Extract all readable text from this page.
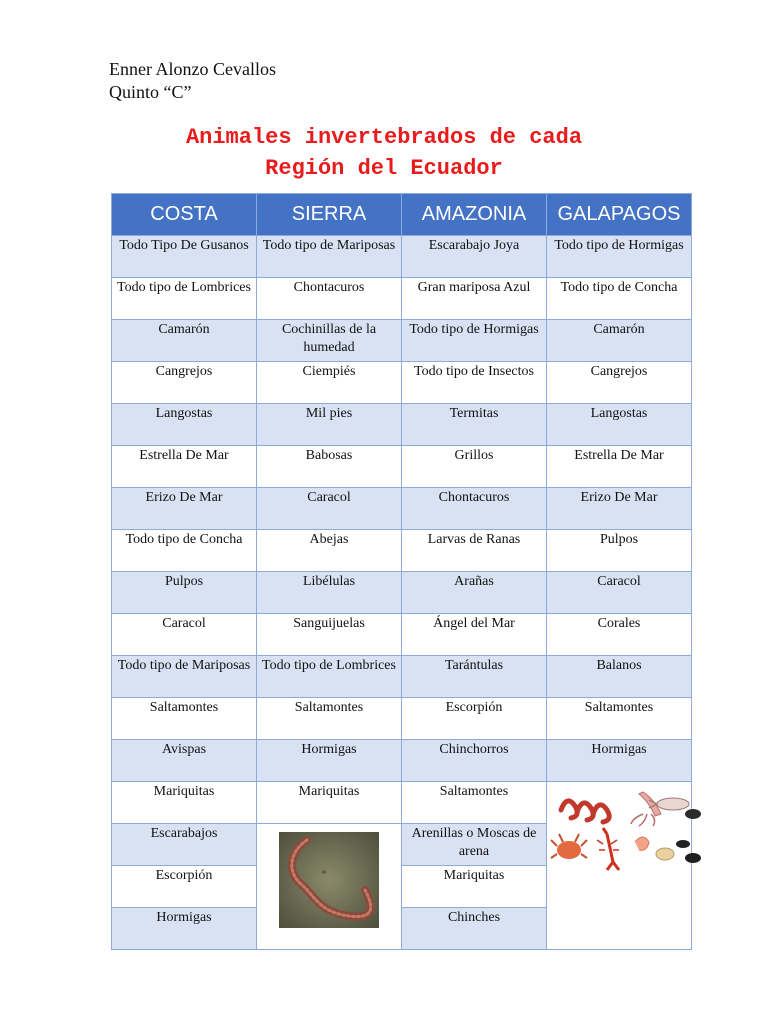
Enner Alonzo Cevallos
Quinto “C”
Animales invertebrados de cada
Región del Ecuador
COSTA	SIERRA	AMAZONIA	GALAPAGOS
Todo Tipo De Gusanos	Todo tipo de Mariposas	Escarabajo Joya	Todo tipo de Hormigas
Todo tipo de Lombrices	Chontacuros	Gran mariposa Azul	Todo tipo de Concha
Camarón	Cochinillas de la humedad	Todo tipo de Hormigas	Camarón
Cangrejos	Ciempiés	Todo tipo de Insectos	Cangrejos
Langostas	Mil pies	Termitas	Langostas
Estrella De Mar	Babosas	Grillos	Estrella De Mar
Erizo De Mar	Caracol	Chontacuros	Erizo De Mar
Todo tipo de Concha	Abejas	Larvas de Ranas	Pulpos
Pulpos	Libélulas	Arañas	Caracol
Caracol	Sanguijuelas	Ángel del Mar	Corales
Todo tipo de Mariposas	Todo tipo de Lombrices	Tarántulas	Balanos
Saltamontes	Saltamontes	Escorpión	Saltamontes
Avispas	Hormigas	Chinchorros	Hormigas
Mariquitas	Mariquitas	Saltamontes	

Escarabajos		Arenillas o Moscas de arena	
Escorpión		Mariquitas	
Hormigas		Chinches	
